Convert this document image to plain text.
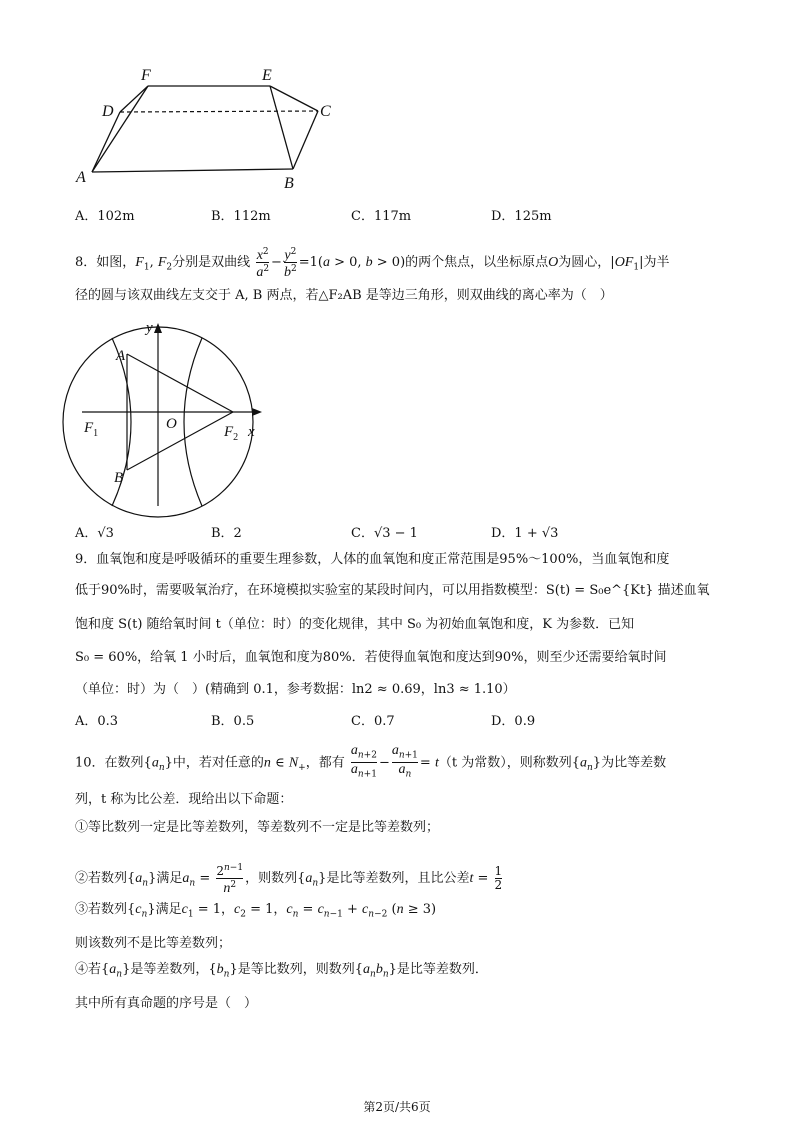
F	E
D	C
A	B
A．102m	B．112m	C．117m	D．125m
8．如图，$F_1$, $F_2$分别是双曲线 $\frac{x^2}{a^2} - \frac{y^2}{b^2} =1(a > 0$, b > 0)的两个焦点，以坐标原点O为圆心，$|OF_1|$为半
径的圆与该双曲线左支交于 A, B 两点，若△F₂AB 是等边三角形，则双曲线的离心率为（　）
y
x
O
A
B
$F_1$	$F_2$
A．√3	B．2	C．√3 − 1	D．1 + √3
9．血氧饱和度是呼吸循环的重要生理参数，人体的血氧饱和度正常范围是95%～100%，当血氧饱和度
低于90%时，需要吸氧治疗，在环境模拟实验室的某段时间内，可以用指数模型：S(t) = S₀e^{Kt} 描述血氧
饱和度 S(t) 随给氧时间 t（单位：时）的变化规律，其中 S₀ 为初始血氧饱和度，K 为参数．已知
S₀ = 60%，给氧 1 小时后，血氧饱和度为80%．若使得血氧饱和度达到90%，则至少还需要给氧时间
（单位：时）为（　）(精确到 0.1，参考数据：ln2 ≈ 0.69，ln3 ≈ 1.10）
A．0.3	B．0.5	C．0.7	D．0.9
10．在数列$\{a_n\}$中，若对任意的n ∈ $N_+$，都有 $\frac{a_{n+2}}{a_{n+1}} - \frac{a_{n+1}}{a_n} = t(t$ 为常数），则称数列$\{a_n\}$为比等差数
列，t 称为比公差．现给出以下命题：
①等比数列一定是比等差数列，等差数列不一定是比等差数列；
②若数列$\{a_n\}$满足$a_n = \frac{2^{n-1}}{n^2}$ ，则数列$\{a_n\}$是比等差数列，且比公差$t = \frac{1}{2}$
③若数列$\{c_n\}$满足$c_1 = 1$，$c_2 = 1$，$c_n = c_{n-1} + c_{n-2}$ (n ≥ 3)
则该数列不是比等差数列；
④若$\{a_n\}$是等差数列，$\{b_n\}$是等比数列，则数列$\{a_nb_n\}$是比等差数列．
其中所有真命题的序号是（　）
第2页/共6页
